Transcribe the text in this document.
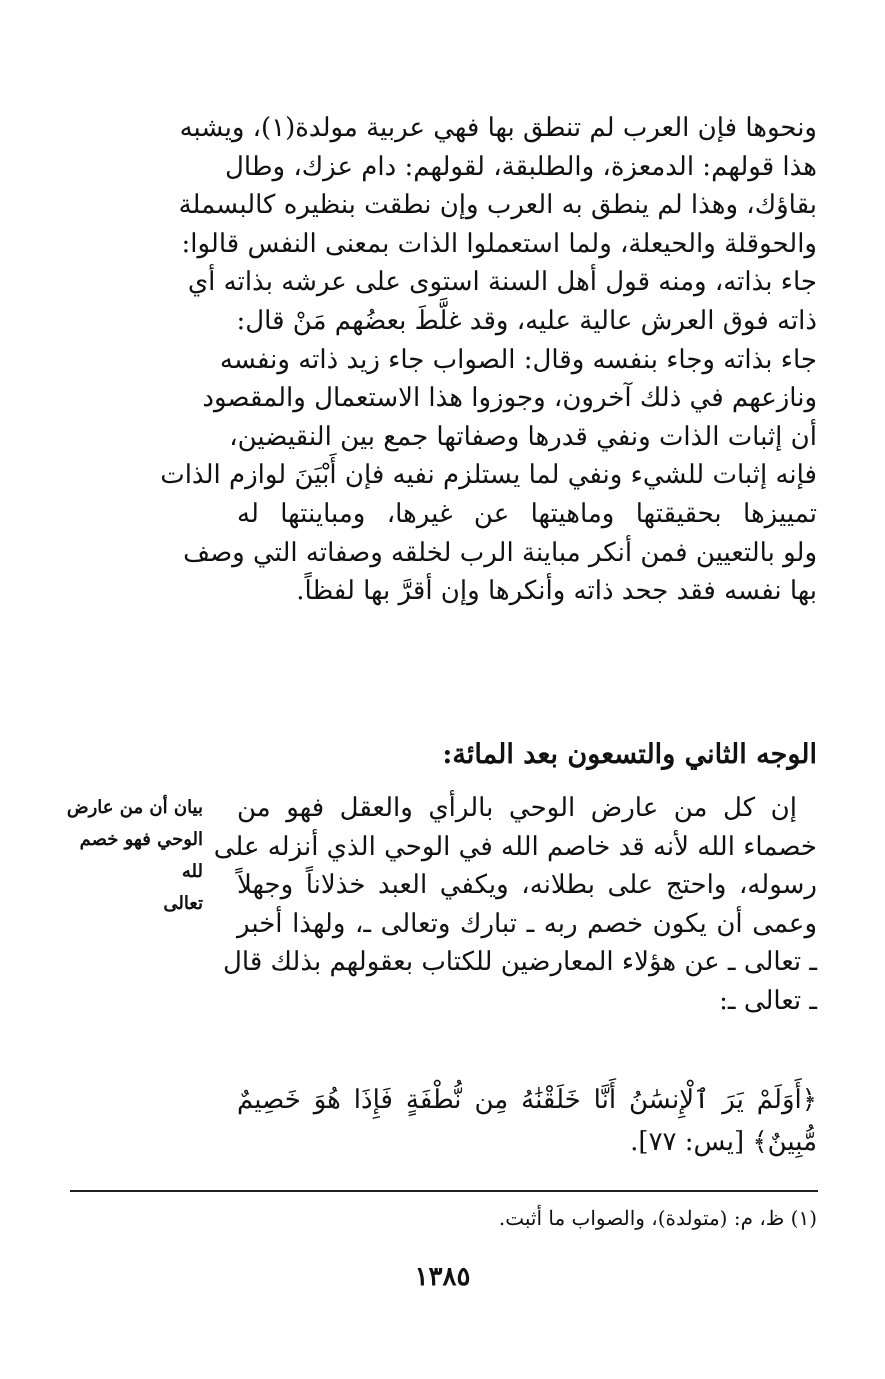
ونحوها فإن العرب لم تنطق بها فهي عربية مولدة(١)، ويشبه
هذا قولهم: الدمعزة، والطلبقة، لقولهم: دام عزك، وطال
بقاؤك، وهذا لم ينطق به العرب وإن نطقت بنظيره كالبسملة
والحوقلة والحيعلة، ولما استعملوا الذات بمعنى النفس قالوا:
جاء بذاته، ومنه قول أهل السنة استوى على عرشه بذاته أي
ذاته فوق العرش عالية عليه، وقد غلَّطَ بعضُهم مَنْ قال:
جاء بذاته وجاء بنفسه وقال: الصواب جاء زيد ذاته ونفسه
ونازعهم في ذلك آخرون، وجوزوا هذا الاستعمال والمقصود
أن إثبات الذات ونفي قدرها وصفاتها جمع بين النقيضين،
فإنه إثبات للشيء ونفي لما يستلزم نفيه فإن أَبْيَنَ لوازم الذات
تمييزها بحقيقتها وماهيتها عن غيرها، ومباينتها له
ولو بالتعيين فمن أنكر مباينة الرب لخلقه وصفاته التي وصف
بها نفسه فقد جحد ذاته وأنكرها وإن أقرَّ بها لفظاً.
الوجه الثاني والتسعون بعد المائة:
إن كل من عارض الوحي بالرأي والعقل فهو من
خصماء الله لأنه قد خاصم الله في الوحي الذي أنزله على
رسوله، واحتج على بطلانه، ويكفي العبد خذلاناً وجهلاً
وعمى أن يكون خصم ربه ـ تبارك وتعالى ـ، ولهذا أخبر
ـ تعالى ـ عن هؤلاء المعارضين للكتاب بعقولهم بذلك قال
ـ تعالى ـ:
بيان أن من عارض
الوحي فهو خصم لله
تعالى
﴿أَوَلَمْ يَرَ ٱلْإِنسَٰنُ أَنَّا خَلَقْنَٰهُ مِن نُّطْفَةٍ فَإِذَا هُوَ خَصِيمٌ
مُّبِينٌ﴾ [يس: ٧٧].
(١) ظ، م: (متولدة)، والصواب ما أثبت.
١٣٨٥
